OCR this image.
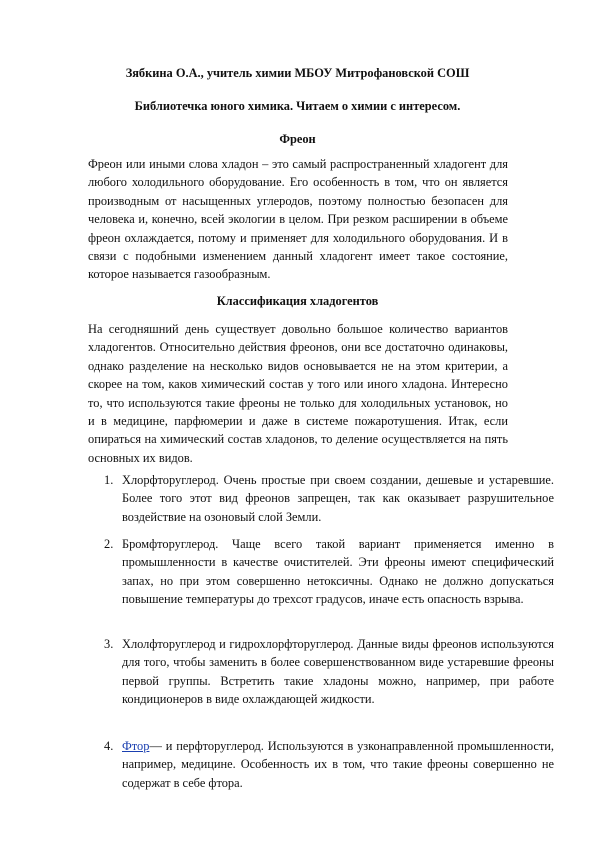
Зябкина О.А., учитель химии МБОУ Митрофановской СОШ
Библиотечка юного химика. Читаем о химии с интересом.
Фреон

Фреон или иными слова хладон – это самый распространенный хладогент для любого холодильного оборудование. Его особенность в том, что он является производным от насыщенных углеродов, поэтому полностью безопасен для человека и, конечно, всей экологии в целом. При резком расширении в объеме фреон охлаждается, потому и применяет для холодильного оборудования. И в связи с подобными изменением данный хладогент имеет такое состояние, которое называется газообразным.

Классификация хладогентов

На сегодняшний день существует довольно большое количество вариантов хладогентов. Относительно действия фреонов, они все достаточно одинаковы, однако разделение на несколько видов основывается не на этом критерии, а скорее на том, каков химический состав у того или иного хладона. Интересно то, что используются такие фреоны не только для холодильных установок, но и в медицине, парфюмерии и даже в системе пожаротушения. Итак, если опираться на химический состав хладонов, то деление осуществляется на пять основных их видов.

1. Хлорфторуглерод. Очень простые при своем создании, дешевые и устаревшие. Более того этот вид фреонов запрещен, так как оказывает разрушительное воздействие на озоновый слой Земли.

2. Бромфторуглерод. Чаще всего такой вариант применяется именно в промышленности в качестве очистителей. Эти фреоны имеют специфический запах, но при этом совершенно нетоксичны. Однако не должно допускаться повышение температуры до трехсот градусов, иначе есть опасность взрыва.

3. Хлолфторуглерод и гидрохлорфторуглерод. Данные виды фреонов используются для того, чтобы заменить в более совершенствованном виде устаревшие фреоны первой группы. Встретить такие хладоны можно, например, при работе кондиционеров в виде охлаждающей жидкости.

4. Фтор— и перфторуглерод. Используются в узконаправленной промышленности, например, медицине. Особенность их в том, что такие фреоны совершенно не содержат в себе фтора.
